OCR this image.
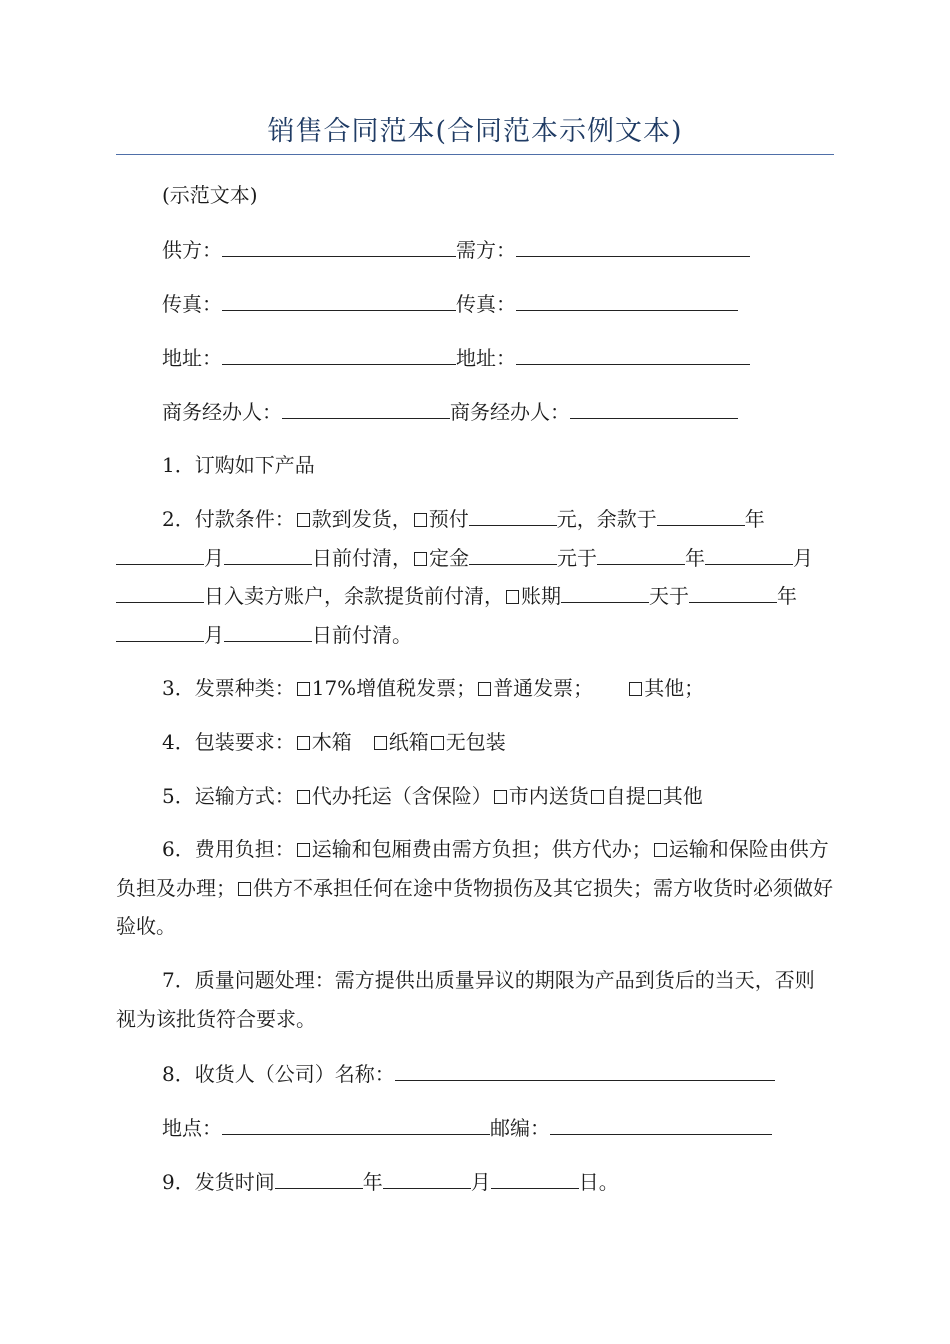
销售合同范本(合同范本示例文本)
(示范文本)
供方：	需方：
传真：	传真：
地址：	地址：
商务经办人：	商务经办人：
1．订购如下产品
2．付款条件： 款到发货， 预付	元，余款于	年月	日前付清， 定金	元于	年	月日入卖方账户，余款提货前付清， 账期	天于	年月	日前付清。
3．发票种类： 17%增值税发票； 普通发票；	其他；
4．包装要求： 木箱 纸箱 无包装
5．运输方式： 代办托运（含保险） 市内送货 自提 其他
6．费用负担： 运输和包厢费由需方负担；供方代办； 运输和保险由供方负担及办理； 供方不承担任何在途中货物损伤及其它损失；需方收货时必须做好验收。
7．质量问题处理：需方提供出质量异议的期限为产品到货后的当天，否则视为该批货符合要求。
8．收货人（公司）名称：
地点：	邮编：
9．发货时间	年	月	日。
